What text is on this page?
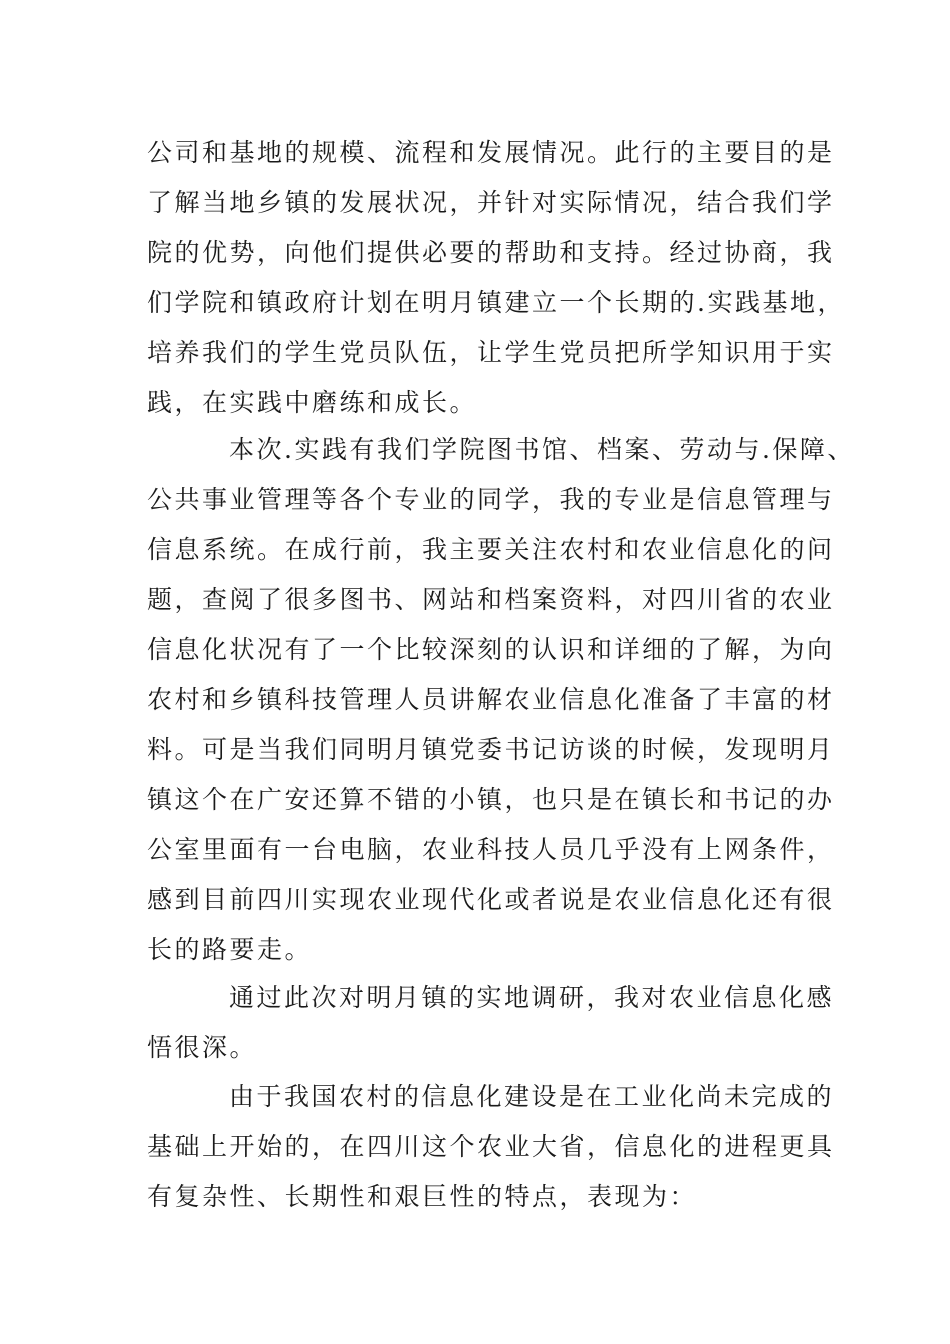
公司和基地的规模、流程和发展情况。此行的主要目的是
了解当地乡镇的发展状况，并针对实际情况，结合我们学
院的优势，向他们提供必要的帮助和支持。经过协商，我
们学院和镇政府计划在明月镇建立一个长期的.实践基地，
培养我们的学生党员队伍，让学生党员把所学知识用于实
践，在实践中磨练和成长。
本次.实践有我们学院图书馆、档案、劳动与.保障、
公共事业管理等各个专业的同学，我的专业是信息管理与
信息系统。在成行前，我主要关注农村和农业信息化的问
题，查阅了很多图书、网站和档案资料，对四川省的农业
信息化状况有了一个比较深刻的认识和详细的了解，为向
农村和乡镇科技管理人员讲解农业信息化准备了丰富的材
料。可是当我们同明月镇党委书记访谈的时候，发现明月
镇这个在广安还算不错的小镇，也只是在镇长和书记的办
公室里面有一台电脑，农业科技人员几乎没有上网条件，
感到目前四川实现农业现代化或者说是农业信息化还有很
长的路要走。
通过此次对明月镇的实地调研，我对农业信息化感
悟很深。
由于我国农村的信息化建设是在工业化尚未完成的
基础上开始的，在四川这个农业大省，信息化的进程更具
有复杂性、长期性和艰巨性的特点，表现为：
